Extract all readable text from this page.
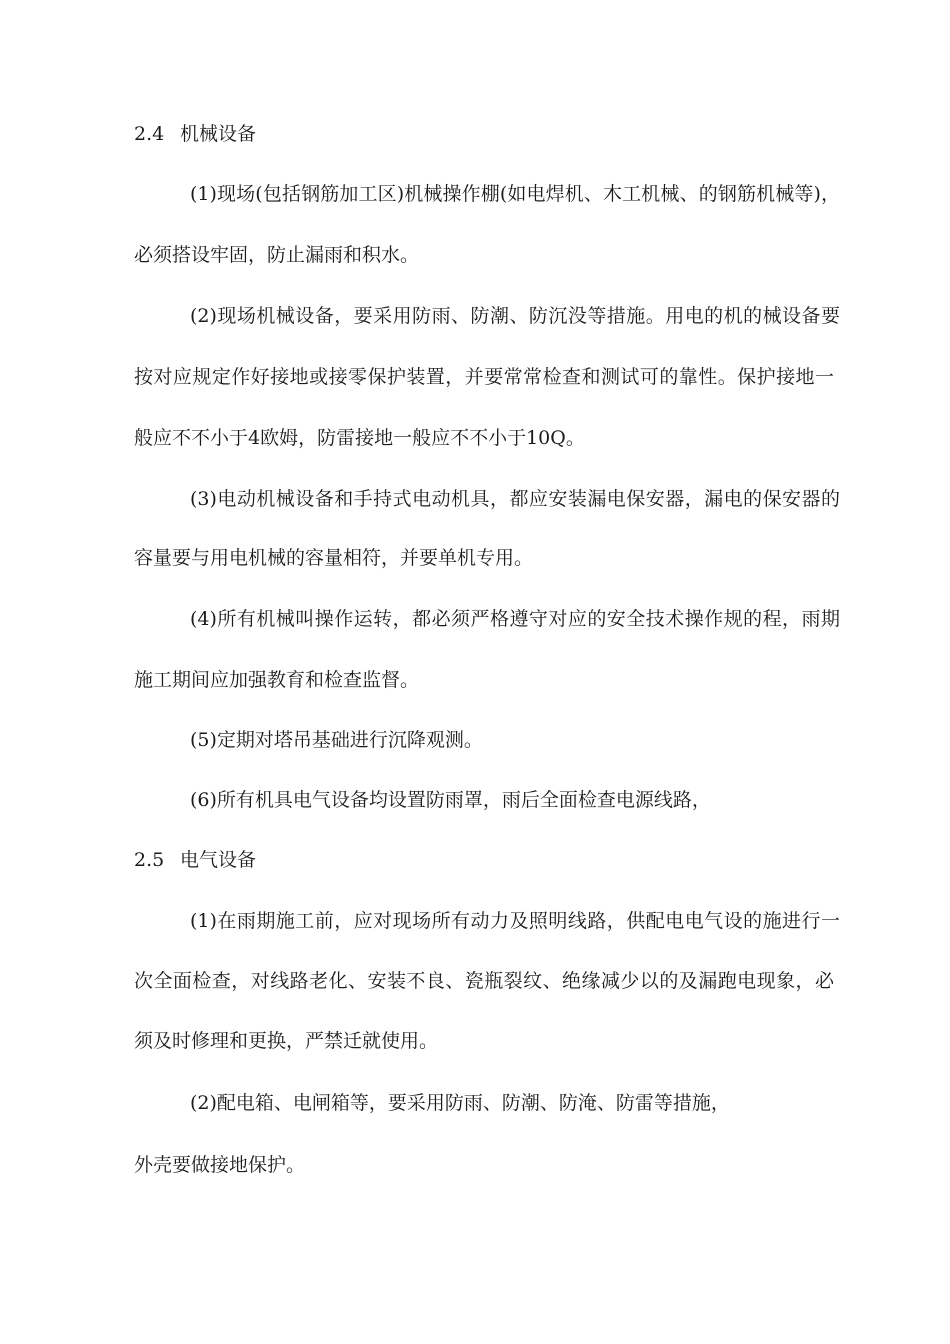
2.4 机械设备
(1)现场(包括钢筋加工区)机械操作棚(如电焊机、木工机械、的钢筋机械等)，
必须搭设牢固，防止漏雨和积水。
(2)现场机械设备，要采用防雨、防潮、防沉没等措施。用电的机的械设备要
按对应规定作好接地或接零保护装置，并要常常检查和测试可的靠性。保护接地一
般应不不小于4欧姆，防雷接地一般应不不小于10Q。
(3)电动机械设备和手持式电动机具，都应安装漏电保安器，漏电的保安器的
容量要与用电机械的容量相符，并要单机专用。
(4)所有机械叫操作运转，都必须严格遵守对应的安全技术操作规的程，雨期
施工期间应加强教育和检查监督。
(5)定期对塔吊基础进行沉降观测。
(6)所有机具电气设备均设置防雨罩，雨后全面检查电源线路，
2.5 电气设备
(1)在雨期施工前，应对现场所有动力及照明线路，供配电电气设的施进行一
次全面检查，对线路老化、安装不良、瓷瓶裂纹、绝缘减少以的及漏跑电现象，必
须及时修理和更换，严禁迁就使用。
(2)配电箱、电闸箱等，要采用防雨、防潮、防淹、防雷等措施，
外壳要做接地保护。
